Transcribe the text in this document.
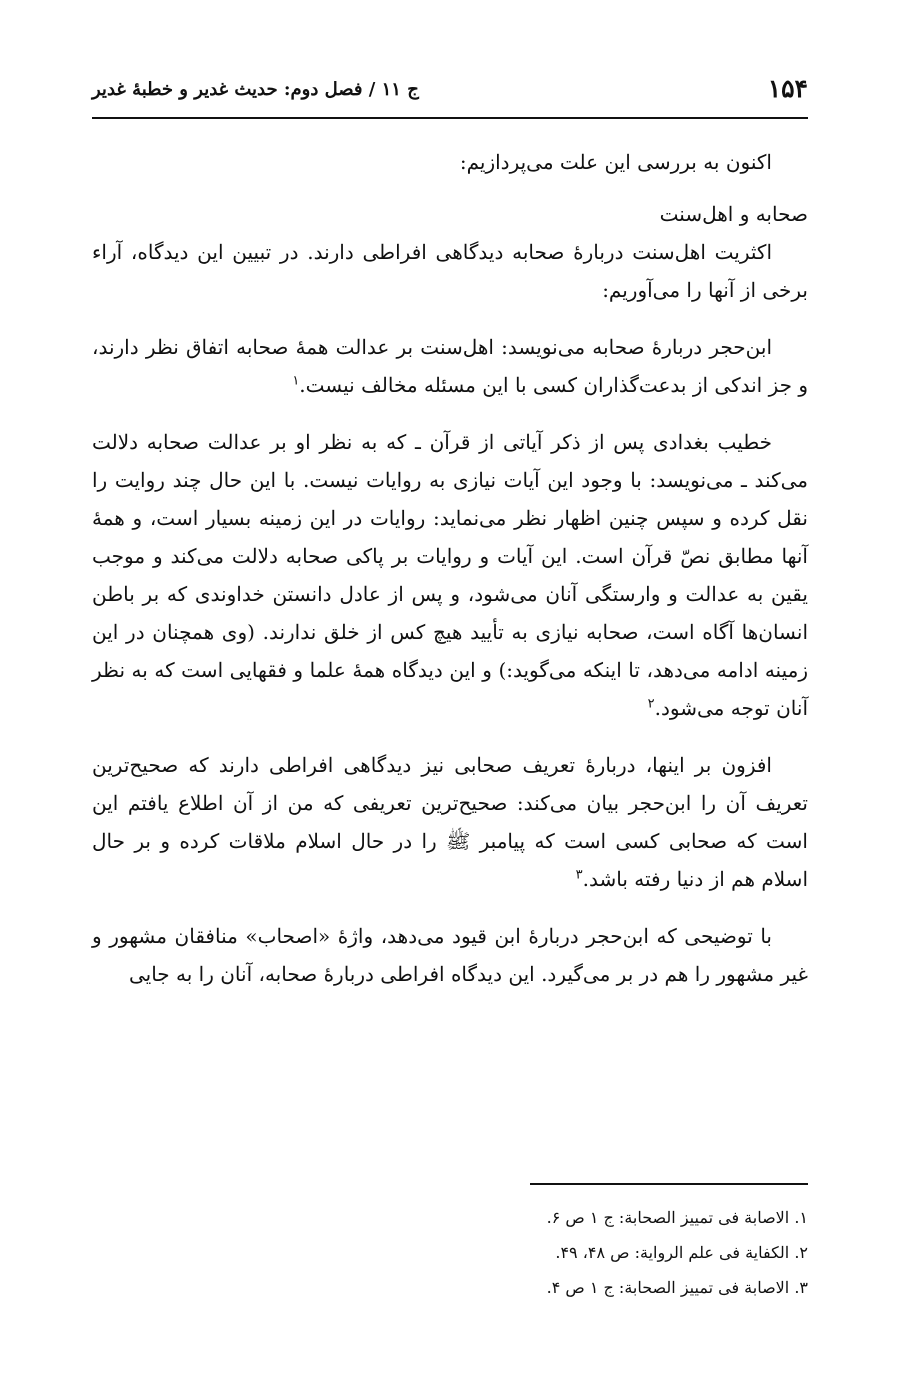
۱۵۴
ج ۱۱ / فصل دوم: حديث غدير و خطبهٔ غدير

اکنون به بررسی این علت می‌پردازیم:

صحابه و اهل‌سنت

اکثریت اهل‌سنت دربارهٔ صحابه دیدگاهی افراطی دارند. در تبیین این دیدگاه، آراء برخی از آنها را می‌آوریم:

ابن‌حجر دربارهٔ صحابه می‌نویسد: اهل‌سنت بر عدالت همهٔ صحابه اتفاق نظر دارند، و جز اندکی از بدعت‌گذاران کسی با این مسئله مخالف نیست.$^۱$

خطیب بغدادی پس از ذکر آیاتی از قرآن ـ که به نظر او بر عدالت صحابه دلالت می‌کند ـ می‌نویسد: با وجود این آیات نیازی به روایات نیست. با این حال چند روایت را نقل کرده و سپس چنین اظهار نظر می‌نماید: روایات در این زمینه بسیار است، و همهٔ آنها مطابق نصّ قرآن است. این آیات و روایات بر پاکی صحابه دلالت می‌کند و موجب یقین به عدالت و وارستگی آنان می‌شود، و پس از عادل دانستن خداوندی که بر باطن انسان‌ها آگاه است، صحابه نیازی به تأیید هیچ کس از خلق ندارند. (وی همچنان در این زمینه ادامه می‌دهد، تا اینکه می‌گوید:) و این دیدگاه همهٔ علما و فقهایی است که به نظر آنان توجه می‌شود.$^۲$

افزون بر اینها، دربارهٔ تعریف صحابی نیز دیدگاهی افراطی دارند که صحیح‌ترین تعریف آن را ابن‌حجر بیان می‌کند: صحیح‌ترین تعریفی که من از آن اطلاع یافتم این است که صحابی کسی است که پیامبر ﷺ را در حال اسلام ملاقات کرده و بر حال اسلام هم از دنیا رفته باشد.$^۳$

با توضیحی که ابن‌حجر دربارهٔ ابن قیود می‌دهد، واژهٔ «اصحاب» منافقان مشهور و غیر مشهور را هم در بر می‌گیرد. این دیدگاه افراطی دربارهٔ صحابه، آنان را به جایی

۱. الاصابة فی تمییز الصحابة: ج ۱ ص ۶.
۲. الکفایة فی علم الروایة: ص ۴۸، ۴۹.
۳. الاصابة فی تمییز الصحابة: ج ۱ ص ۴.
